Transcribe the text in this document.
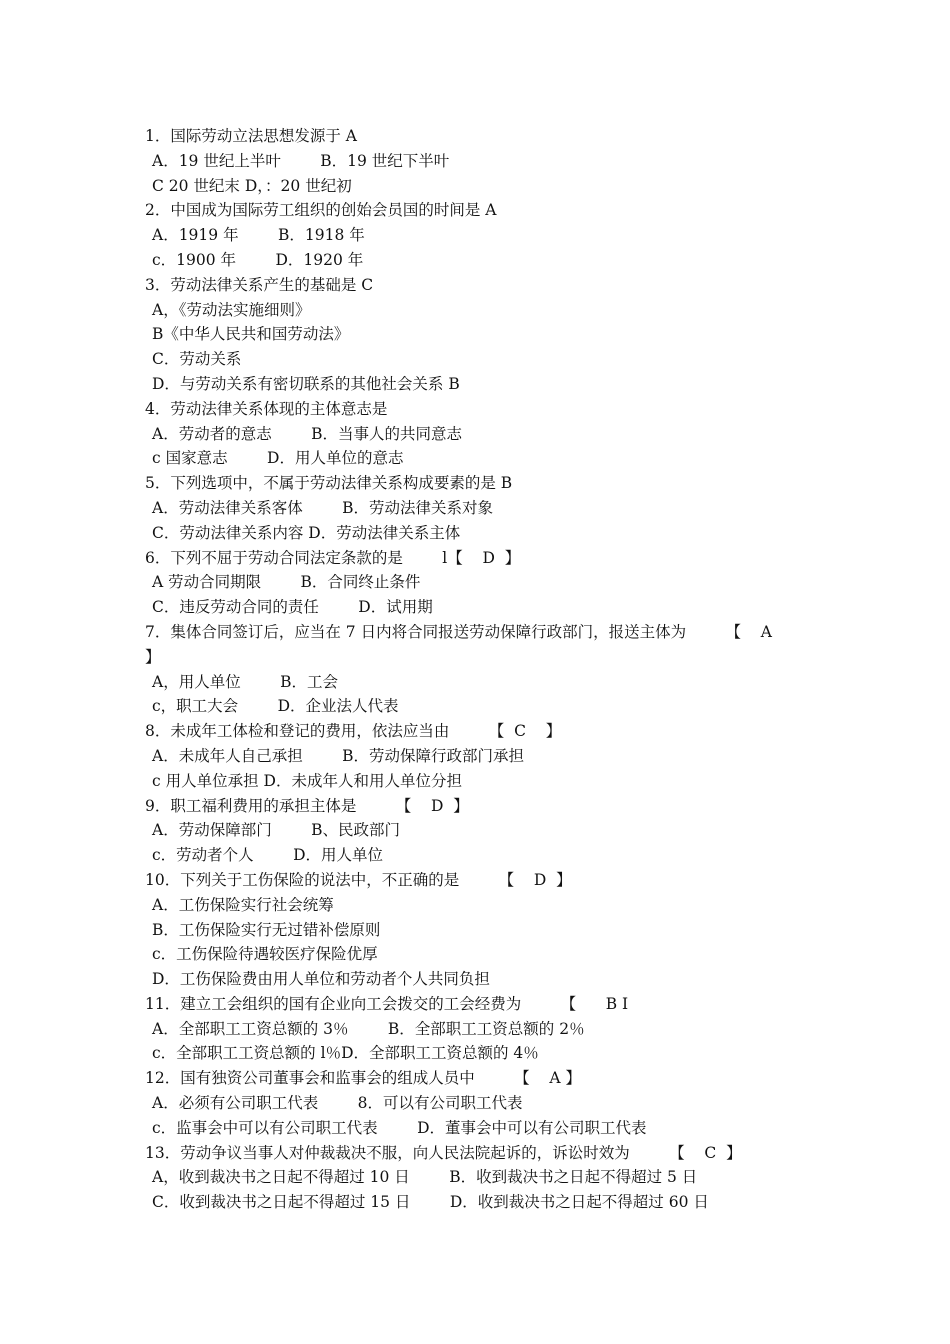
1．国际劳动立法思想发源于 A
A．19 世纪上半叶        B．19 世纪下半叶
C 20 世纪末 D，：20 世纪初
2．中国成为国际劳工组织的创始会员国的时间是 A
A．1919 年        B．1918 年
c．1900 年        D．1920 年
3．劳动法律关系产生的基础是 C
A，《劳动法实施细则》
B《中华人民共和国劳动法》
C．劳动关系
D．与劳动关系有密切联系的其他社会关系 B
4．劳动法律关系体现的主体意志是
A．劳动者的意志        B．当事人的共同意志
c 国家意志        D．用人单位的意志
5．下列选项中，不属于劳动法律关系构成要素的是 B
A．劳动法律关系客体        B．劳动法律关系对象
C．劳动法律关系内容 D．劳动法律关系主体
6．下列不屈于劳动合同法定条款的是        l【    D  】
A 劳动合同期限        B．合同终止条件
C．违反劳动合同的责任        D．试用期
7．集体合同签订后，应当在 7 日内将合同报送劳动保障行政部门，报送主体为        【    A
】
A，用人单位        B．工会
c，职工大会        D．企业法人代表
8．未成年工体检和登记的费用，依法应当由        【  C    】
A．未成年人自己承担        B．劳动保障行政部门承担
c 用人单位承担 D．未成年人和用人单位分担
9．职工福利费用的承担主体是        【    D  】
A．劳动保障部门        B、民政部门
c．劳动者个人        D．用人单位
10．下列关于工伤保险的说法中，不正确的是        【    D  】
A．工伤保险实行社会统筹
B．工伤保险实行无过错补偿原则
c．工伤保险待遇较医疗保险优厚
D．工伤保险费由用人单位和劳动者个人共同负担
11．建立工会组织的国有企业向工会拨交的工会经费为        【      B I
A．全部职工工资总额的 3％        B．全部职工工资总额的 2％
c．全部职工工资总额的 l％D．全部职工工资总额的 4％
12．国有独资公司董事会和监事会的组成人员中        【    A 】
A．必须有公司职工代表        8．可以有公司职工代表
c．监事会中可以有公司职工代表        D．董事会中可以有公司职工代表
13．劳动争议当事人对仲裁裁决不服，向人民法院起诉的，诉讼时效为        【    C  】
A，收到裁决书之日起不得超过 10 日        B．收到裁决书之日起不得超过 5 日
C．收到裁决书之日起不得超过 15 日        D．收到裁决书之日起不得超过 60 日
